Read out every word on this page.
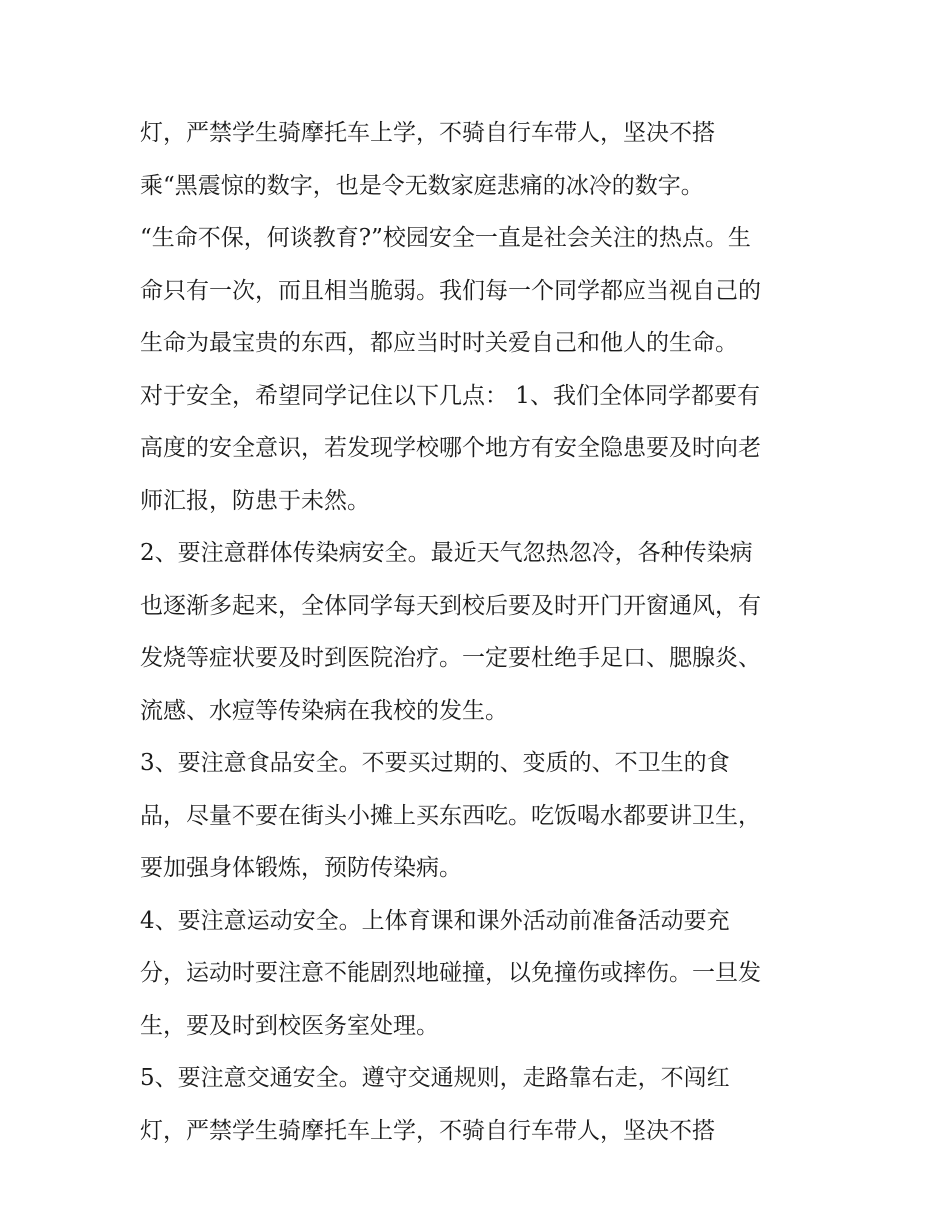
灯，严禁学生骑摩托车上学，不骑自行车带人，坚决不搭
乘“黑震惊的数字，也是令无数家庭悲痛的冰冷的数字。
“生命不保，何谈教育?”校园安全一直是社会关注的热点。生
命只有一次，而且相当脆弱。我们每一个同学都应当视自己的
生命为最宝贵的东西，都应当时时关爱自己和他人的生命。
对于安全，希望同学记住以下几点： 1、我们全体同学都要有
高度的安全意识，若发现学校哪个地方有安全隐患要及时向老
师汇报，防患于未然。
2、要注意群体传染病安全。最近天气忽热忽冷，各种传染病
也逐渐多起来，全体同学每天到校后要及时开门开窗通风，有
发烧等症状要及时到医院治疗。一定要杜绝手足口、腮腺炎、
流感、水痘等传染病在我校的发生。
3、要注意食品安全。不要买过期的、变质的、不卫生的食
品，尽量不要在街头小摊上买东西吃。吃饭喝水都要讲卫生，
要加强身体锻炼，预防传染病。
4、要注意运动安全。上体育课和课外活动前准备活动要充
分，运动时要注意不能剧烈地碰撞，以免撞伤或摔伤。一旦发
生，要及时到校医务室处理。
5、要注意交通安全。遵守交通规则，走路靠右走，不闯红
灯，严禁学生骑摩托车上学，不骑自行车带人，坚决不搭
